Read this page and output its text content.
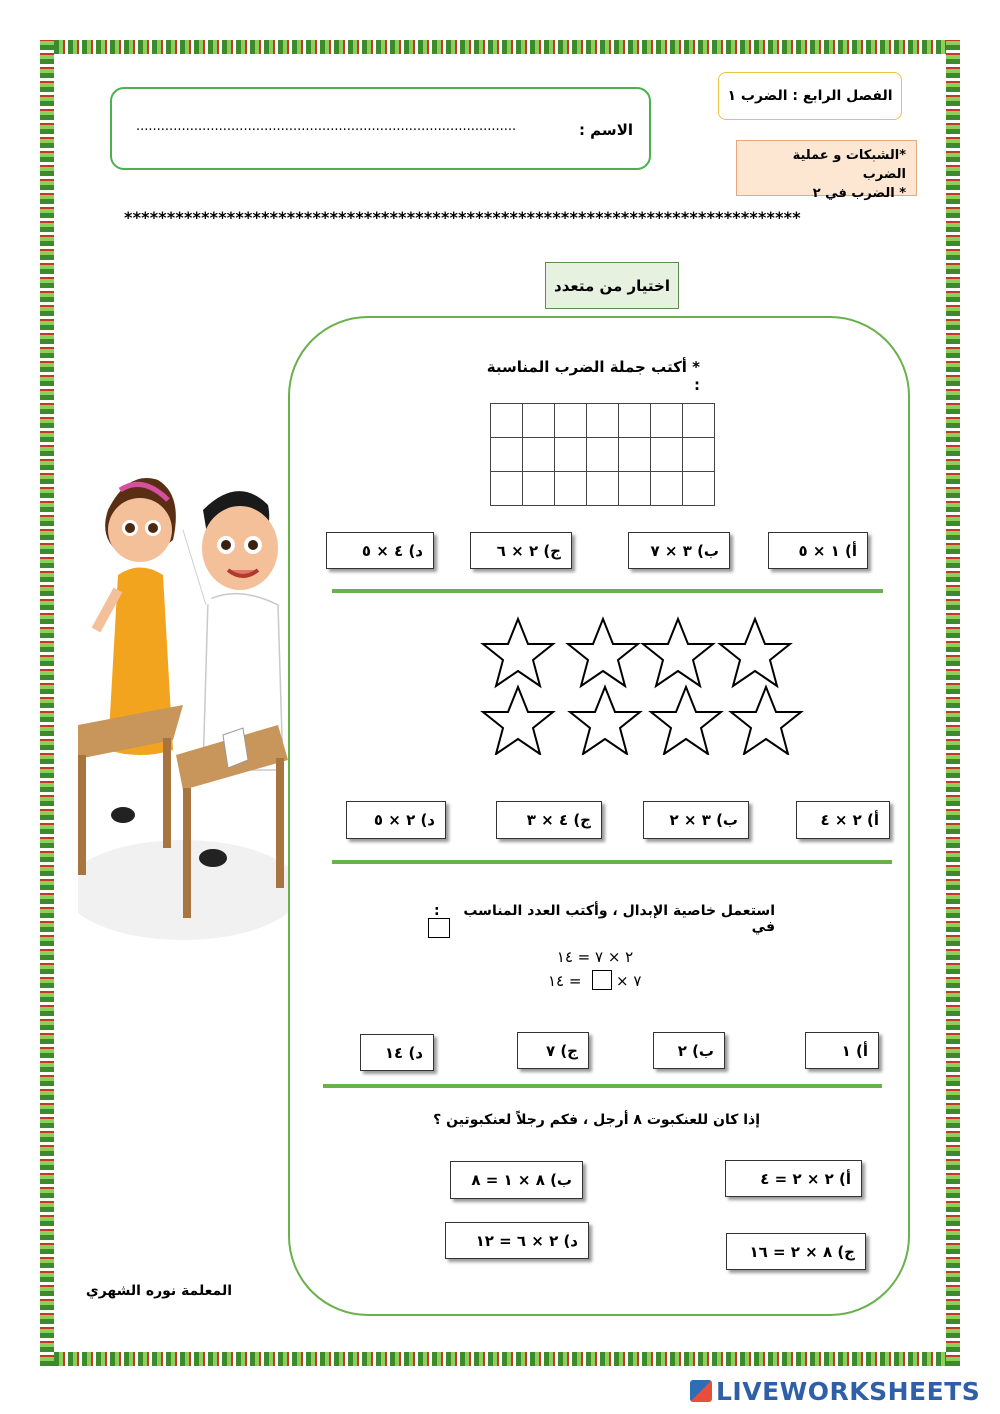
الفصل الرابع : الضرب ١
*الشبكات و عملية الضرب
* الضرب في ٢
الاسم :
............................................................................................
*******************************************************************************
اختيار من متعدد
* أكتب جملة الضرب المناسبة :

أ) ١ × ٥
ب) ٣ × ٧
ج) ٢ × ٦
د) ٤ × ٥
أ) ٢ × ٤
ب) ٣ × ٢
ج) ٤ × ٣
د) ٢ × ٥
استعمل خاصية الإبدال ، وأكتب العدد المناسب في
:
٢ × ٧ = ١٤
= ١٤ ٧ ×
أ) ١
ب) ٢
ج) ٧
د) ١٤
إذا كان للعنكبوت ٨ أرجل ، فكم رجلاً لعنكبوتين ؟
أ) ٢ × ٢ = ٤
ب) ٨ × ١ = ٨
ج) ٨ × ٢ = ١٦
د) ٢ × ٦ = ١٢
المعلمة نوره الشهري
LIVEWORKSHEETS
